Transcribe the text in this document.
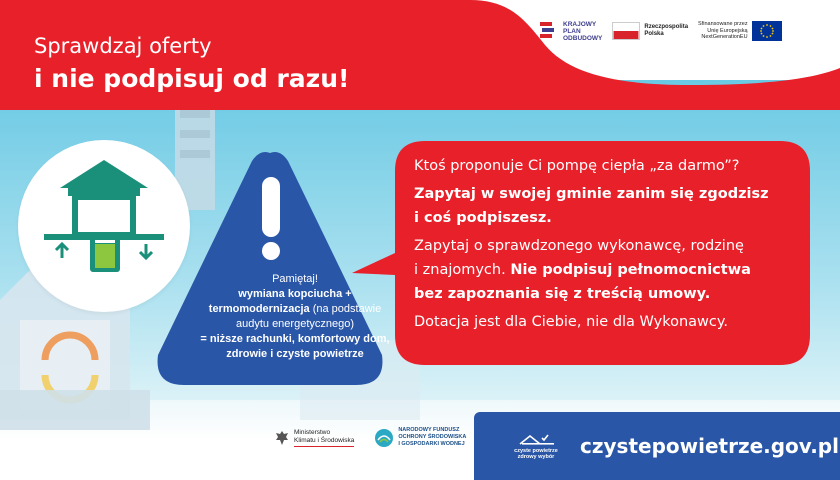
Sprawdzaj oferty
i nie podpisuj od razu!
KRAJOWY
PLAN
ODBUDOWY
Rzeczpospolita
Polska
Sfinansowane przez
Unię Europejską
NextGenerationEU
Pamiętaj!
wymiana kopciucha +
termomodernizacja (na podstawie
audytu energetycznego)
= niższe rachunki, komfortowy dom,
zdrowie i czyste powietrze

Ktoś proponuje Ci pompę ciepła „za darmo”?

Zapytaj w swojej gminie zanim się zgodzisz
i coś podpiszesz.

Zapytaj o sprawdzonego wykonawcę, rodzinę
i znajomych. Nie podpisuj pełnomocnictwa
bez zapoznania się z treścią umowy.

Dotacja jest dla Ciebie, nie dla Wykonawcy.

Ministerstwo
Klimatu i Środowiska
NARODOWY FUNDUSZ
OCHRONY ŚRODOWISKA
I GOSPODARKI WODNEJ
czyste powietrze
zdrowy wybór czystepowietrze.gov.pl
